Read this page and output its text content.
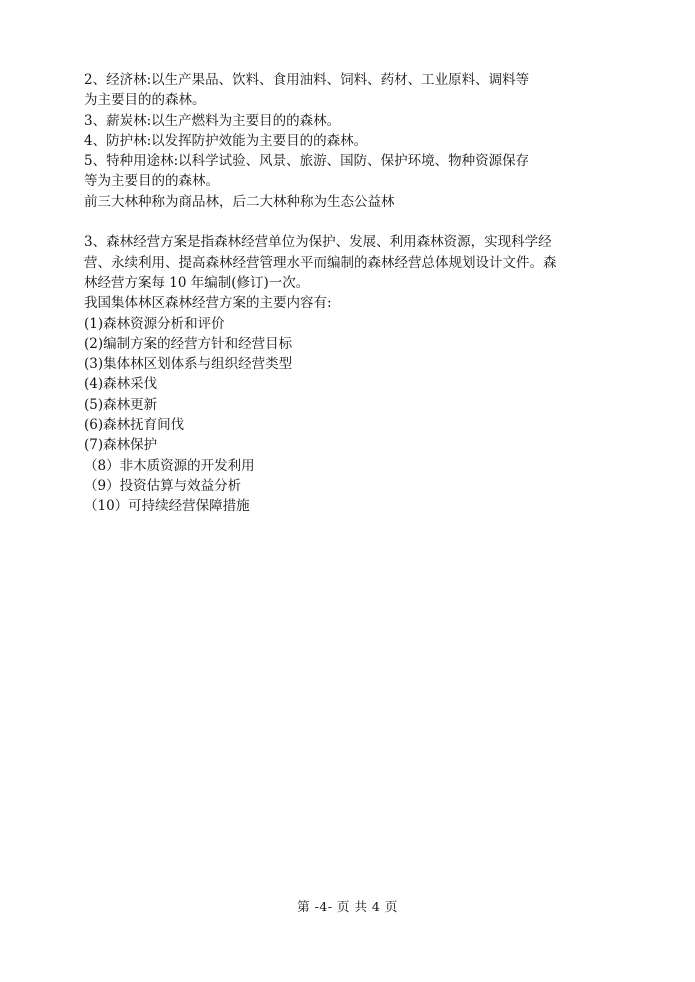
2、经济林:以生产果品、饮料、食用油料、饲料、药材、工业原料、调料等
为主要目的的森林。
3、薪炭林:以生产燃料为主要目的的森林。
4、防护林:以发挥防护效能为主要目的的森林。
5、特种用途林:以科学试验、风景、旅游、国防、保护环境、物种资源保存
等为主要目的的森林。
前三大林种称为商品林，后二大林种称为生态公益林
3、森林经营方案是指森林经营单位为保护、发展、利用森林资源，实现科学经
营、永续利用、提高森林经营管理水平而编制的森林经营总体规划设计文件。森
林经营方案每 10 年编制(修订)一次。
我国集体林区森林经营方案的主要内容有:
(1)森林资源分析和评价
(2)编制方案的经营方针和经营目标
(3)集体林区划体系与组织经营类型
(4)森林采伐
(5)森林更新
(6)森林抚育间伐
(7)森林保护
（8）非木质资源的开发利用
（9）投资估算与效益分析
（10）可持续经营保障措施
第 -4- 页 共 4 页
